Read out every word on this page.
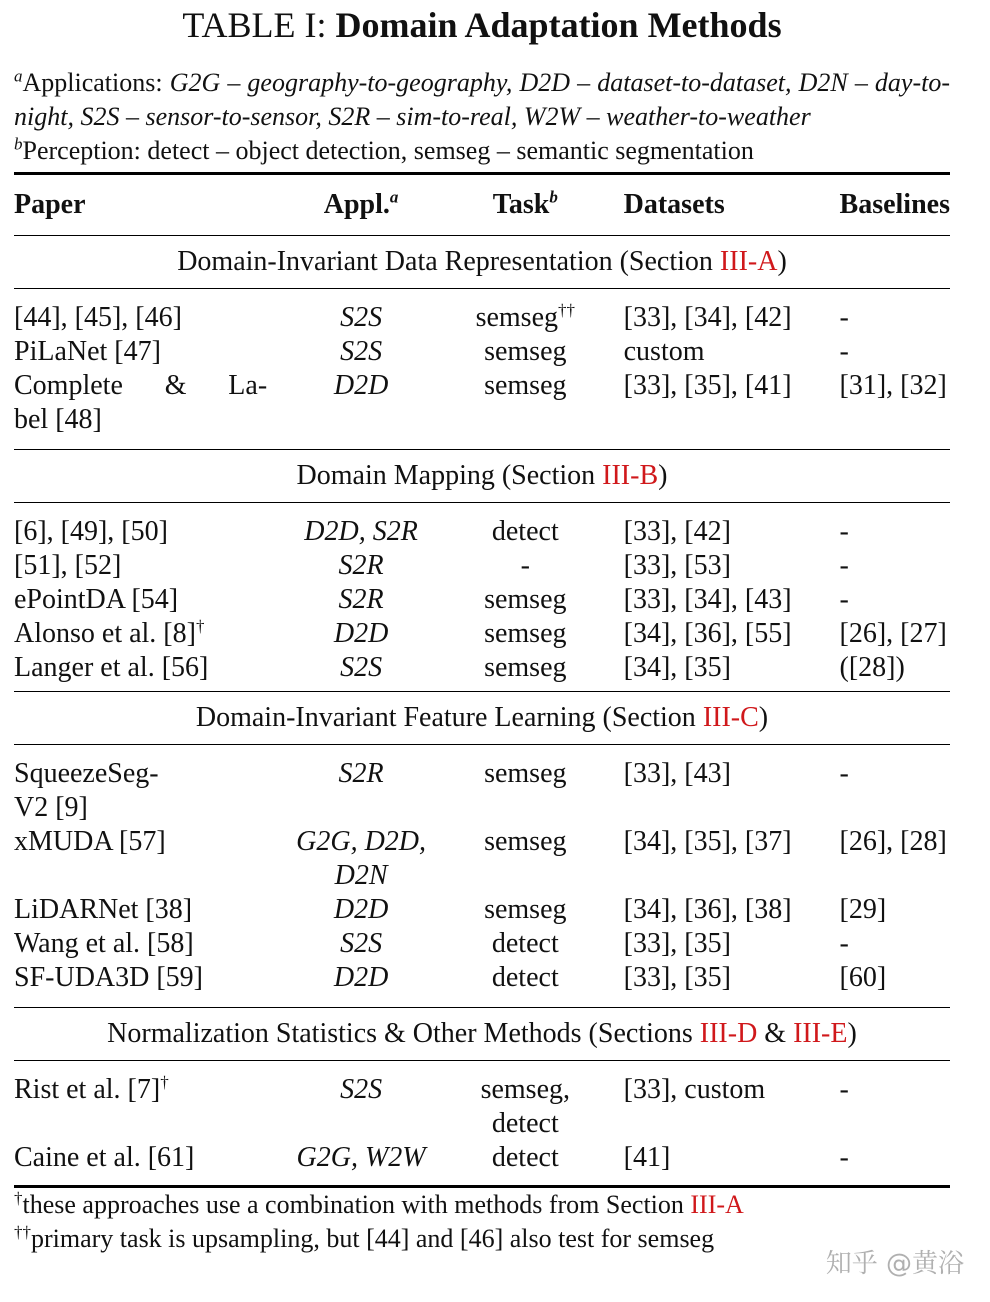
TABLE I: Domain Adaptation Methods
$^a$Applications: G2G – geography-to-geography, D2D – dataset-to-dataset, D2N – day-to-night, S2S – sensor-to-sensor, S2R – sim-to-real, W2W – weather-to-weather
$^b$Perception: detect – object detection, semseg – semantic segmentation
Paper	Appl.$^a$	Task$^b$	Datasets	Baselines
Domain-Invariant Data Representation (Section III-A)				

[44], [45], [46]	S2S	semseg††	[33], [34], [42]	-
PiLaNet [47]	S2S	semseg	custom	-

Complete & La-
bel [48]	D2D	semseg	[33], [35], [41]	[31], [32]

Domain Mapping (Section III-B)				

[6], [49], [50]	D2D, S2R	detect	[33], [42]	-
[51], [52]	S2R	-	[33], [53]	-
ePointDA [54]	S2R	semseg	[33], [34], [43]	-
Alonso et al. [8]†	D2D	semseg	[34], [36], [55]	[26], [27]
Langer et al. [56]	S2S	semseg	[34], [35]	([28])

Domain-Invariant Feature Learning (Section III-C)				

SqueezeSeg-
V2 [9]	S2R	semseg	[33], [43]	-
xMUDA [57]	G2G, D2D,
D2N	semseg	[34], [35], [37]	[26], [28]
LiDARNet [38]	D2D	semseg	[34], [36], [38]	[29]
Wang et al. [58]	S2S	detect	[33], [35]	-
SF-UDA3D [59]	D2D	detect	[33], [35]	[60]

Normalization Statistics & Other Methods (Sections III-D & III-E)				

Rist et al. [7]†	S2S	semseg,
detect	[33], custom	-
Caine et al. [61]	G2G, W2W	detect	[41]	-
†these approaches use a combination with methods from Section III-A
††primary task is upsampling, but [44] and [46] also test for semseg
知乎 @黄浴
